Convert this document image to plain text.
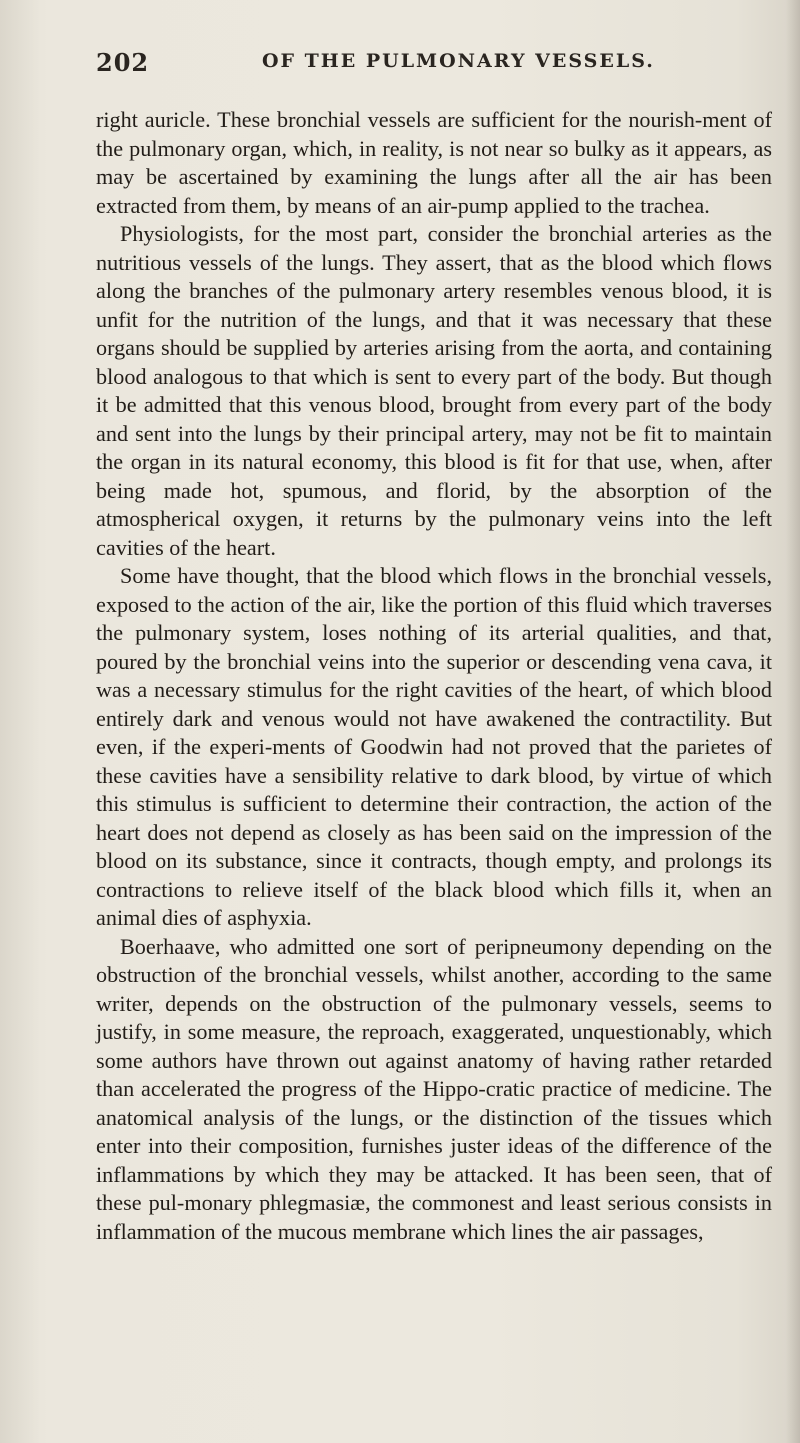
202	OF THE PULMONARY VESSELS.

right auricle. These bronchial vessels are sufficient for the nourish-ment of the pulmonary organ, which, in reality, is not near so bulky as it appears, as may be ascertained by examining the lungs after all the air has been extracted from them, by means of an air-pump applied to the trachea.

Physiologists, for the most part, consider the bronchial arteries as the nutritious vessels of the lungs. They assert, that as the blood which flows along the branches of the pulmonary artery resembles venous blood, it is unfit for the nutrition of the lungs, and that it was necessary that these organs should be supplied by arteries arising from the aorta, and containing blood analogous to that which is sent to every part of the body. But though it be admitted that this venous blood, brought from every part of the body and sent into the lungs by their principal artery, may not be fit to maintain the organ in its natural economy, this blood is fit for that use, when, after being made hot, spumous, and florid, by the absorption of the atmospherical oxygen, it returns by the pulmonary veins into the left cavities of the heart.

Some have thought, that the blood which flows in the bronchial vessels, exposed to the action of the air, like the portion of this fluid which traverses the pulmonary system, loses nothing of its arterial qualities, and that, poured by the bronchial veins into the superior or descending vena cava, it was a necessary stimulus for the right cavities of the heart, of which blood entirely dark and venous would not have awakened the contractility. But even, if the experi-ments of Goodwin had not proved that the parietes of these cavities have a sensibility relative to dark blood, by virtue of which this stimulus is sufficient to determine their contraction, the action of the heart does not depend as closely as has been said on the impression of the blood on its substance, since it contracts, though empty, and prolongs its contractions to relieve itself of the black blood which fills it, when an animal dies of asphyxia.

Boerhaave, who admitted one sort of peripneumony depending on the obstruction of the bronchial vessels, whilst another, according to the same writer, depends on the obstruction of the pulmonary vessels, seems to justify, in some measure, the reproach, exaggerated, unquestionably, which some authors have thrown out against anatomy of having rather retarded than accelerated the progress of the Hippo-cratic practice of medicine. The anatomical analysis of the lungs, or the distinction of the tissues which enter into their composition, furnishes juster ideas of the difference of the inflammations by which they may be attacked. It has been seen, that of these pul-monary phlegmasiæ, the commonest and least serious consists in inflammation of the mucous membrane which lines the air passages,
